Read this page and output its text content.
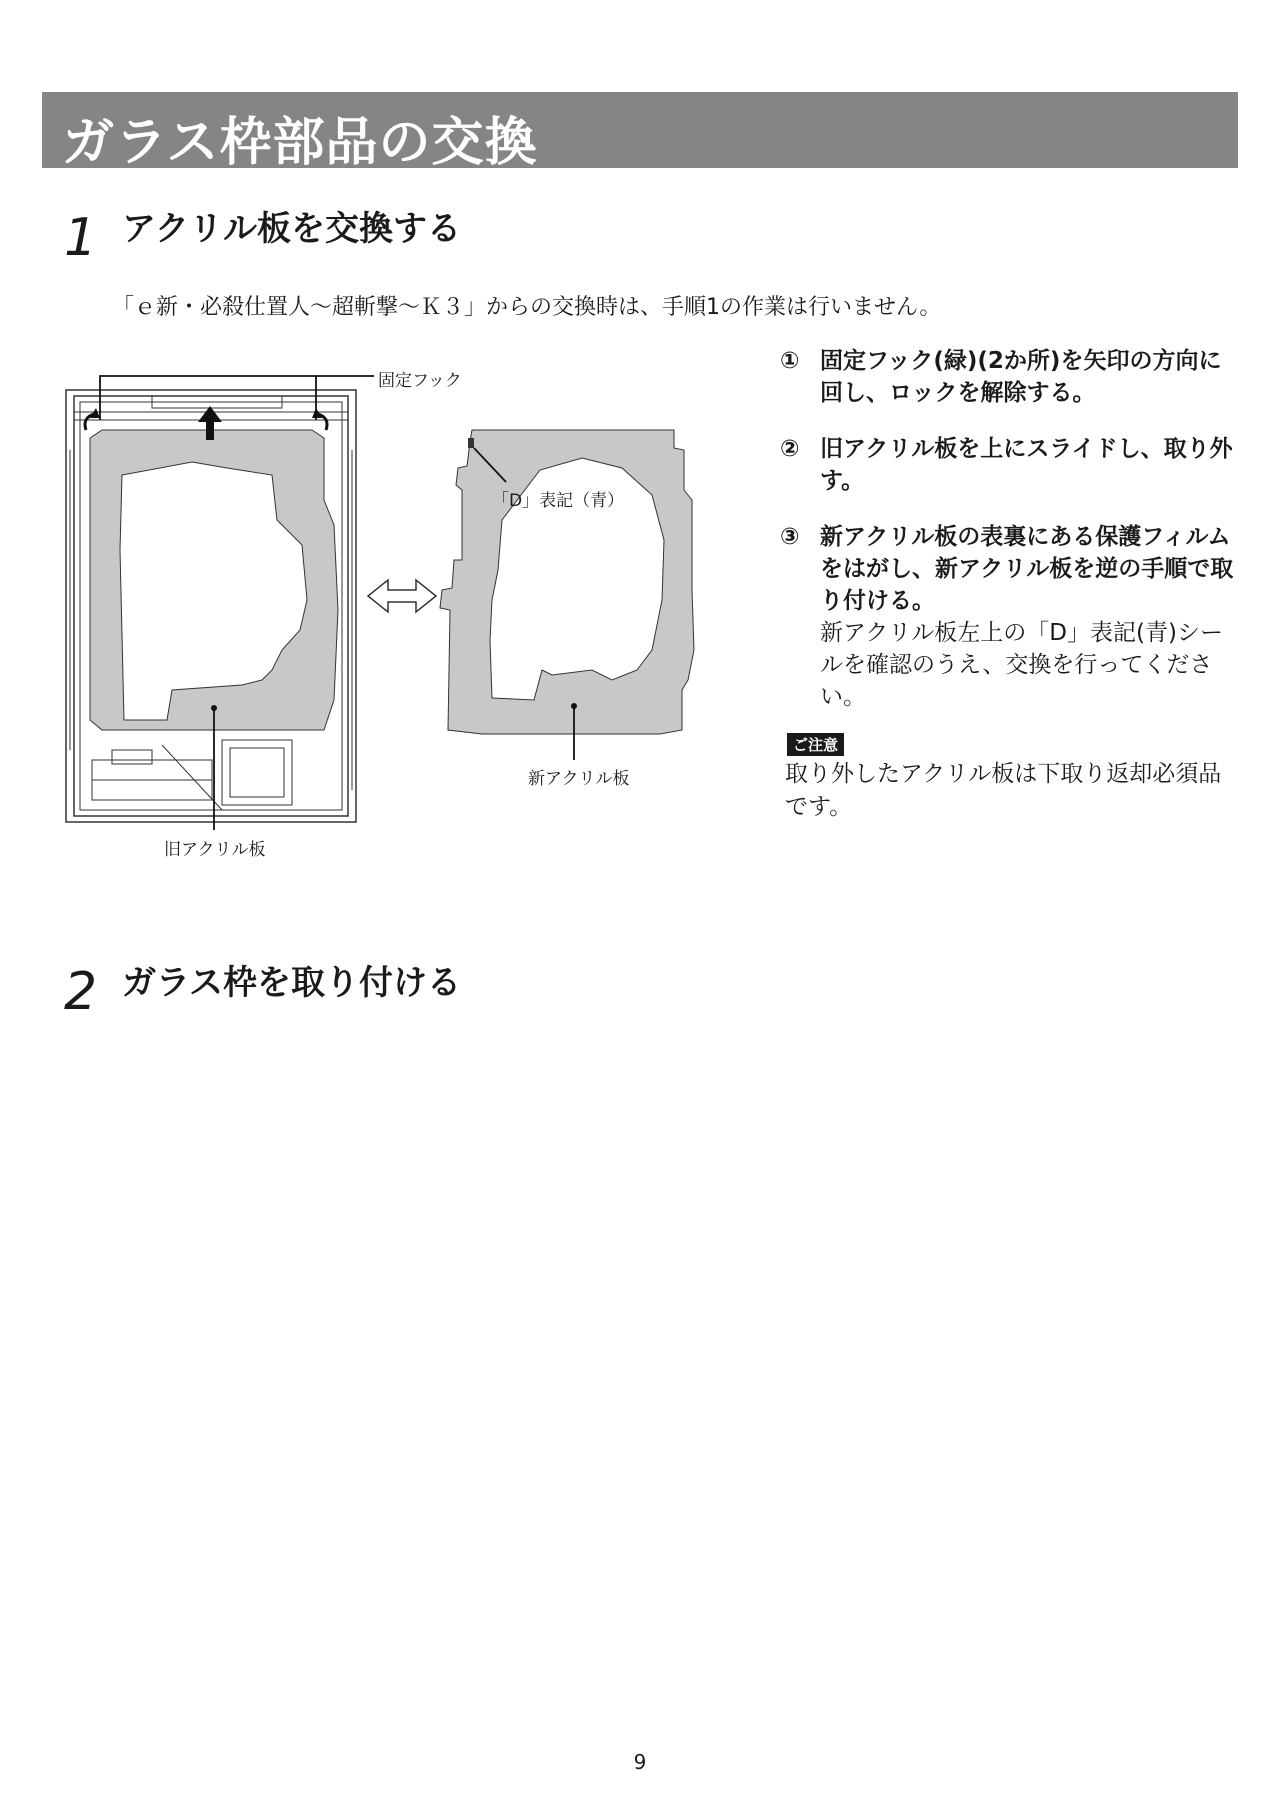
ガラス枠部品の交換
1 アクリル板を交換する
「ｅ新・必殺仕置人～超斬撃～Ｋ３」からの交換時は、手順1の作業は行いません。
固定フック
「D」表記（青）
新アクリル板
旧アクリル板
① 固定フック(緑)(2か所)を矢印の方向に回し、ロックを解除する。
② 旧アクリル板を上にスライドし、取り外す。
③ 新アクリル板の表裏にある保護フィルムをはがし、新アクリル板を逆の手順で取り付ける。
新アクリル板左上の「D」表記(青)シールを確認のうえ、交換を行ってください。
ご注意
取り外したアクリル板は下取り返却必須品です。
2 ガラス枠を取り付ける
9
